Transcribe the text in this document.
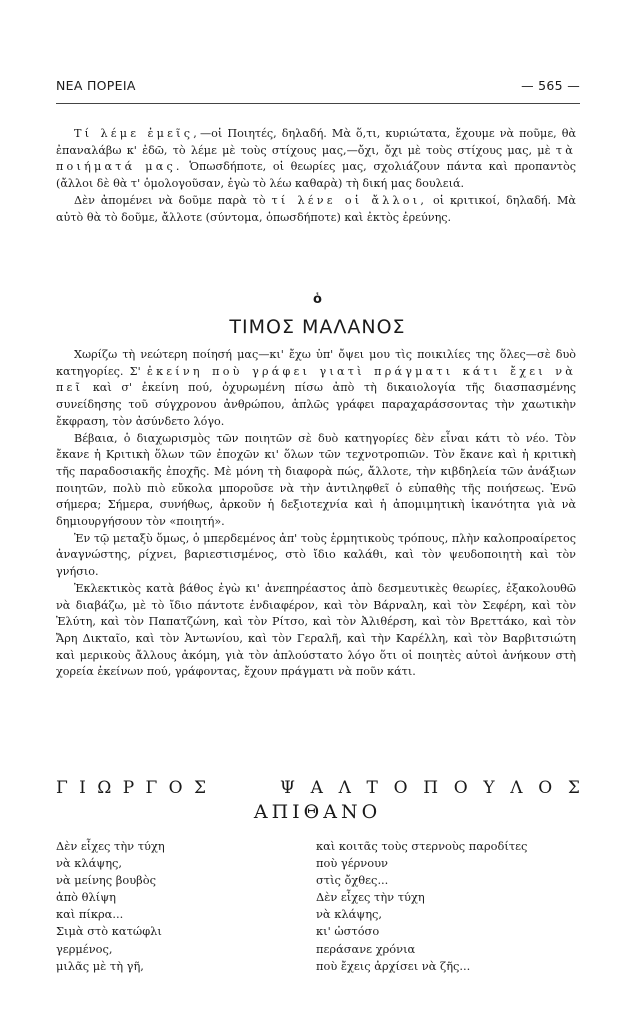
ΝΕΑ ΠΟΡΕΙΑ	— 565 —

Τί λέμε ἐμεῖς,—οἱ Ποιητές, δηλαδή. Μὰ ὅ,τι, κυριώτατα, ἔχουμε νὰ ποῦμε, θὰ ἐπαναλάβω κ' ἐδῶ, τὸ λέμε μὲ τοὺς στίχους μας,—ὄχι, ὄχι μὲ τοὺς στίχους μας, μὲ τὰ ποιήματά μας. Ὁπωσδήποτε, οἱ θεωρίες μας, σχολιάζουν πάντα καὶ προπαντὸς (ἄλλοι δὲ θὰ τ' ὁμολογοῦσαν, ἐγὼ τὸ λέω καθαρὰ) τὴ δική μας δουλειά.

Δὲν ἀπομένει νὰ δοῦμε παρὰ τὸ τί λένε οἱ ἄλλοι, οἱ κριτικοί, δηλαδή. Μὰ αὐτὸ θὰ τὸ δοῦμε, ἄλλοτε (σύντομα, ὁπωσδήποτε) καὶ ἐκτὸς ἐρεύνης.

ὁ
ΤΙΜΟΣ ΜΑΛΑΝΟΣ

Χωρίζω τὴ νεώτερη ποίησή μας—κι' ἔχω ὑπ' ὄψει μου τὶς ποικιλίες της ὅλες—σὲ δυὸ κατηγορίες. Σ' ἐκείνη ποὺ γράφει γιατὶ πράγματι κάτι ἔχει νὰ πεῖ καὶ σ' ἐκείνη πού, ὀχυρωμένη πίσω ἀπὸ τὴ δικαιολογία τῆς διασπασμένης συνείδησης τοῦ σύγχρονου ἀνθρώπου, ἁπλῶς γράφει παραχαράσσοντας τὴν χαωτικὴν ἔκφραση, τὸν ἀσύνδετο λόγο.

Βέβαια, ὁ διαχωρισμὸς τῶν ποιητῶν σὲ δυὸ κατηγορίες δὲν εἶναι κάτι τὸ νέο. Τὸν ἔκανε ἡ Κριτικὴ ὅλων τῶν ἐποχῶν κι' ὅλων τῶν τεχνοτροπιῶν. Τὸν ἔκανε καὶ ἡ κριτικὴ τῆς παραδοσιακῆς ἐποχῆς. Μὲ μόνη τὴ διαφορὰ πώς, ἄλλοτε, τὴν κιβδηλεία τῶν ἀνάξιων ποιητῶν, πολὺ πιὸ εὔκολα μποροῦσε νὰ τὴν ἀντιληφθεῖ ὁ εὐπαθὴς τῆς ποιήσεως. Ἐνῶ σήμερα; Σήμερα, συνήθως, ἀρκοῦν ἡ δεξιοτεχνία καὶ ἡ ἀπομιμητικὴ ἱκανότητα γιὰ νὰ δημιουργήσουν τὸν «ποιητή».

Ἐν τῷ μεταξὺ ὅμως, ὁ μπερδεμένος ἀπ' τοὺς ἑρμητικοὺς τρόπους, πλὴν καλοπροαίρετος ἀναγνώστης, ρίχνει, βαριεστισμένος, στὸ ἴδιο καλάθι, καὶ τὸν ψευδοποιητὴ καὶ τὸν γνήσιο.

Ἐκλεκτικὸς κατὰ βάθος ἐγὼ κι' ἀνεπηρέαστος ἀπὸ δεσμευτικὲς θεωρίες, ἐξακολουθῶ νὰ διαβάζω, μὲ τὸ ἴδιο πάντοτε ἐνδιαφέρον, καὶ τὸν Βάρναλη, καὶ τὸν Σεφέρη, καὶ τὸν Ἐλύτη, καὶ τὸν Παπατζώνη, καὶ τὸν Ρίτσο, καὶ τὸν Ἀλιθέρση, καὶ τὸν Βρεττάκο, καὶ τὸν Ἄρη Δικταῖο, καὶ τὸν Ἀντωνίου, καὶ τὸν Γεραλῆ, καὶ τὴν Καρέλλη, καὶ τὸν Βαρβιτσιώτη καὶ μερικοὺς ἄλλους ἀκόμη, γιὰ τὸν ἁπλούστατο λόγο ὅτι οἱ ποιητὲς αὐτοὶ ἀνήκουν στὴ χορεία ἐκείνων πού, γράφοντας, ἔχουν πράγματι νὰ ποῦν κάτι.

Γ Ι Ω Ρ Γ Ο Σ	Ψ Α Λ Τ Ο Π Ο Υ Λ Ο Σ
ΑΠΙΘΑΝΟ
Δὲν εἶχες τὴν τύχη
νὰ κλάψης,
νὰ μείνης βουβὸς
ἀπὸ θλίψη
καὶ πίκρα...
Σιμὰ στὸ κατώφλι
γερμένος,
μιλᾶς μὲ τὴ γῆ,
καὶ κοιτᾶς τοὺς στερνοὺς παροδίτες
ποὺ γέρνουν
στὶς ὄχθες...
Δὲν εἶχες τὴν τύχη
νὰ κλάψης,
κι' ὡστόσο
περάσανε χρόνια
ποὺ ἔχεις ἀρχίσει νὰ ζῆς...
